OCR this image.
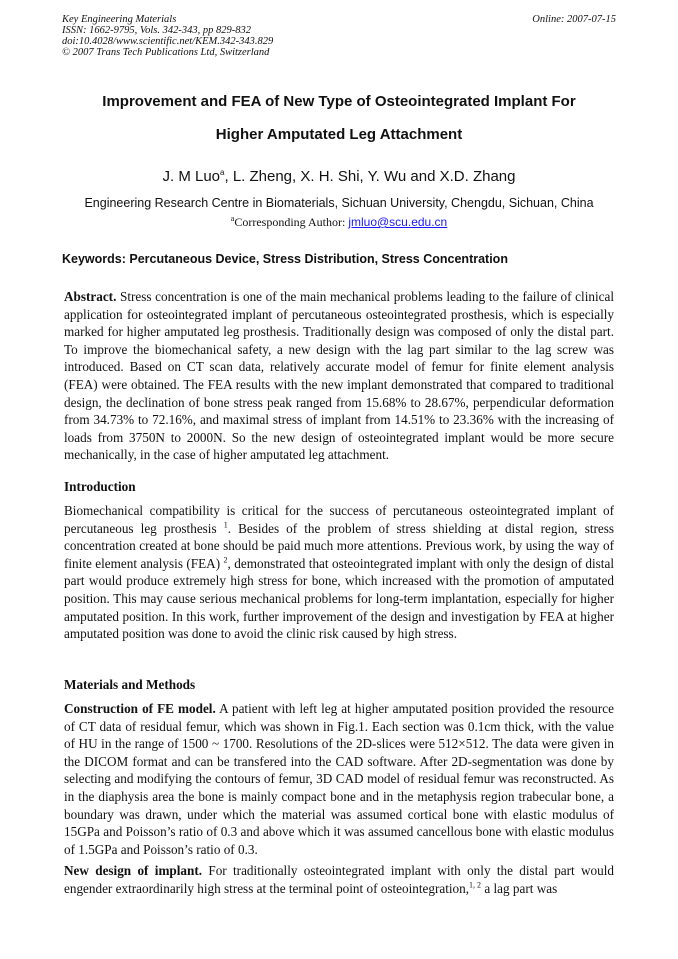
Key Engineering Materials
ISSN: 1662-9795, Vols. 342-343, pp 829-832
doi:10.4028/www.scientific.net/KEM.342-343.829
© 2007 Trans Tech Publications Ltd, Switzerland
Online: 2007-07-15
Improvement and FEA of New Type of Osteointegrated Implant For
Higher Amputated Leg Attachment
J. M Luo$^a$, L. Zheng, X. H. Shi, Y. Wu and X.D. Zhang
Engineering Research Centre in Biomaterials, Sichuan University, Chengdu, Sichuan, China
$^a$Corresponding Author: jmluo@scu.edu.cn
Keywords: Percutaneous Device, Stress Distribution, Stress Concentration
Abstract. Stress concentration is one of the main mechanical problems leading to the failure of clinical application for osteointegrated implant of percutaneous osteointegrated prosthesis, which is especially marked for higher amputated leg prosthesis. Traditionally design was composed of only the distal part. To improve the biomechanical safety, a new design with the lag part similar to the lag screw was introduced. Based on CT scan data, relatively accurate model of femur for finite element analysis (FEA) were obtained. The FEA results with the new implant demonstrated that compared to traditional design, the declination of bone stress peak ranged from 15.68% to 28.67%, perpendicular deformation from 34.73% to 72.16%, and maximal stress of implant from 14.51% to 23.36% with the increasing of loads from 3750N to 2000N. So the new design of osteointegrated implant would be more secure mechanically, in the case of higher amputated leg attachment.
Introduction
Biomechanical compatibility is critical for the success of percutaneous osteointegrated implant of percutaneous leg prosthesis $^1$. Besides of the problem of stress shielding at distal region, stress concentration created at bone should be paid much more attentions. Previous work, by using the way of finite element analysis (FEA) $^2$, demonstrated that osteointegrated implant with only the design of distal part would produce extremely high stress for bone, which increased with the promotion of amputated position. This may cause serious mechanical problems for long-term implantation, especially for higher amputated position. In this work, further improvement of the design and investigation by FEA at higher amputated position was done to avoid the clinic risk caused by high stress.
Materials and Methods
Construction of FE model. A patient with left leg at higher amputated position provided the resource of CT data of residual femur, which was shown in Fig.1. Each section was 0.1cm thick, with the value of HU in the range of 1500 ~ 1700. Resolutions of the 2D-slices were 512×512. The data were given in the DICOM format and can be transfered into the CAD software. After 2D-segmentation was done by selecting and modifying the contours of femur, 3D CAD model of residual femur was reconstructed. As in the diaphysis area the bone is mainly compact bone and in the metaphysis region trabecular bone, a boundary was drawn, under which the material was assumed cortical bone with elastic modulus of 15GPa and Poisson’s ratio of 0.3 and above which it was assumed cancellous bone with elastic modulus of 1.5GPa and Poisson’s ratio of 0.3.
New design of implant. For traditionally osteointegrated implant with only the distal part would engender extraordinarily high stress at the terminal point of osteointegration,$^{1, 2}$ a lag part was
